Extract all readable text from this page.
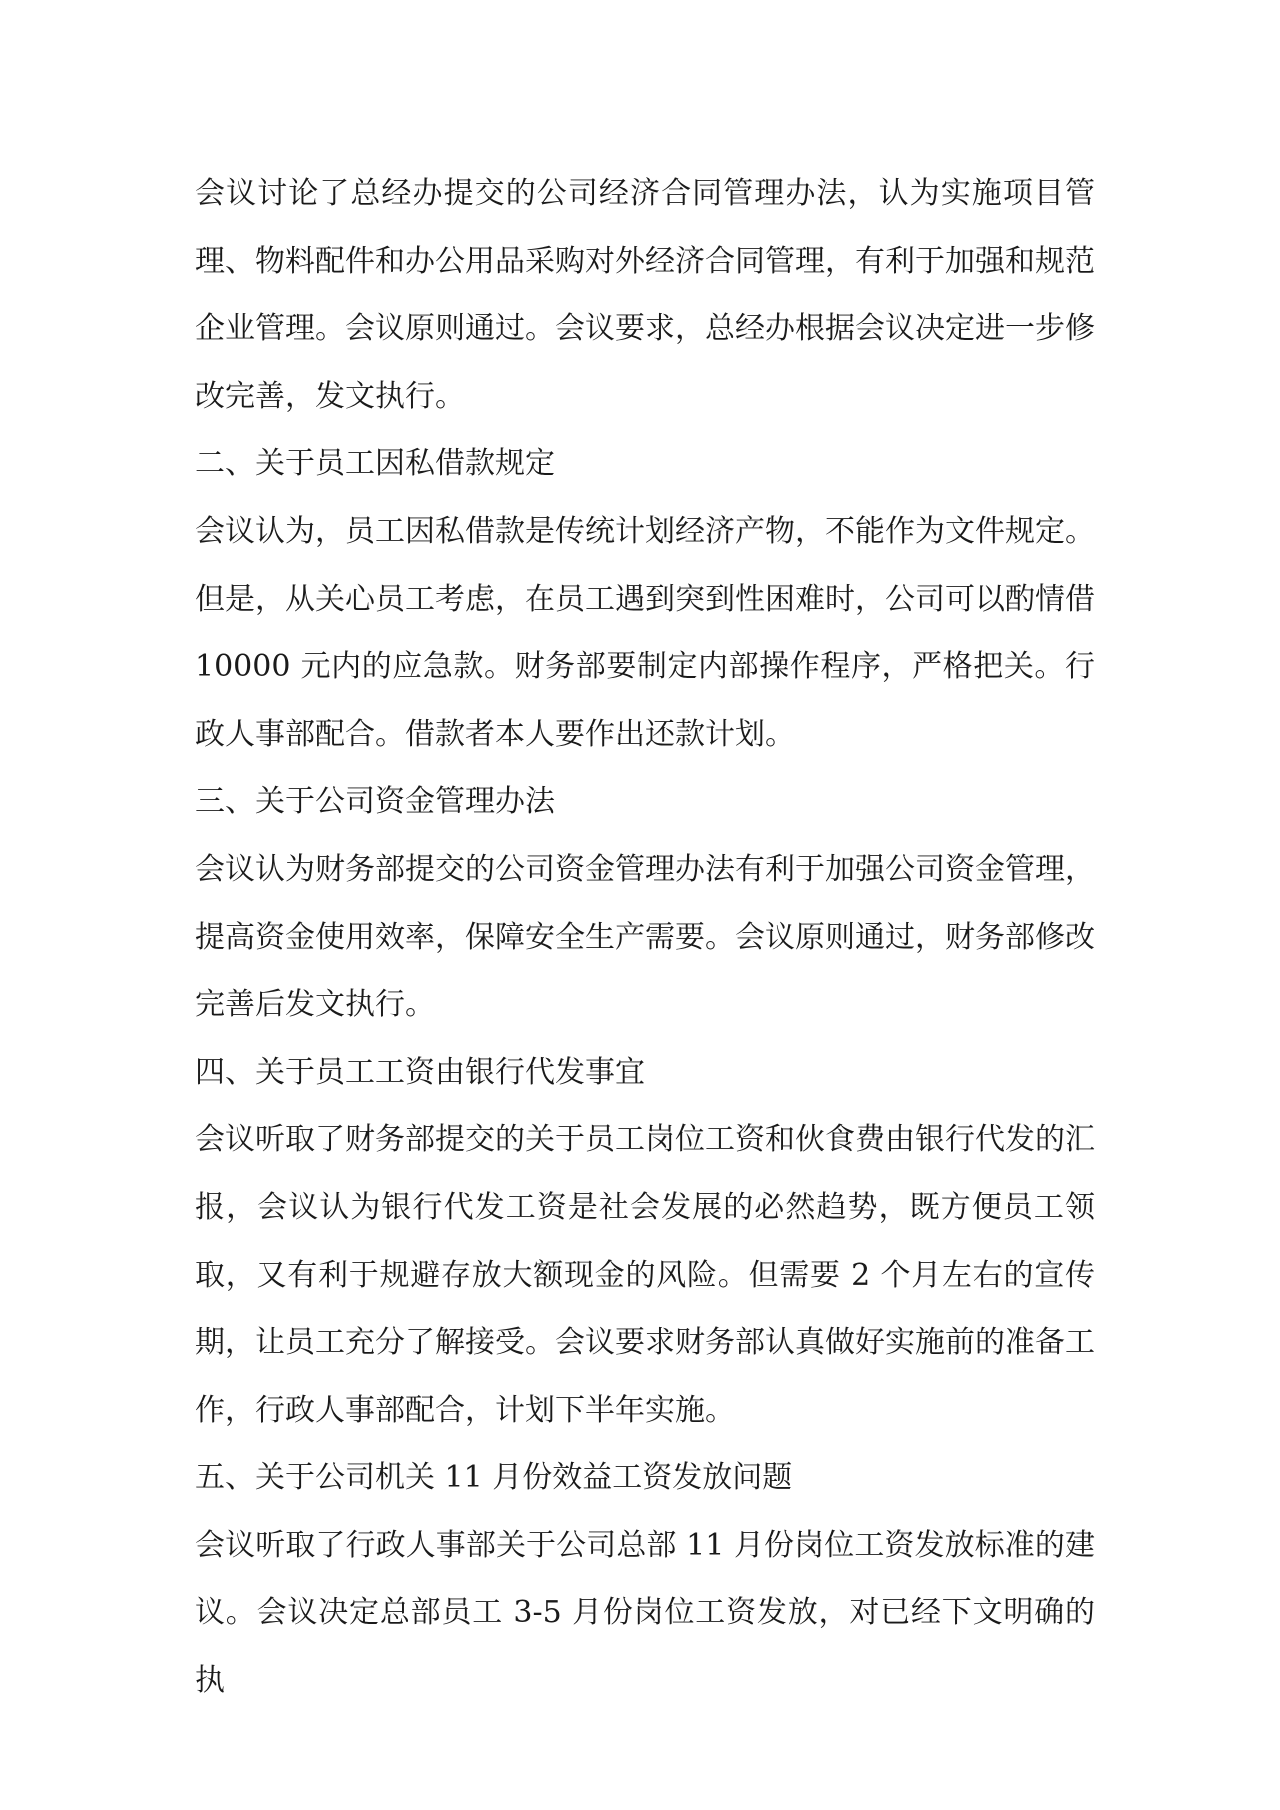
会议讨论了总经办提交的公司经济合同管理办法，认为实施项目管理、物料配件和办公用品采购对外经济合同管理，有利于加强和规范企业管理。会议原则通过。会议要求，总经办根据会议决定进一步修改完善，发文执行。

二、关于员工因私借款规定

会议认为，员工因私借款是传统计划经济产物，不能作为文件规定。但是，从关心员工考虑，在员工遇到突到性困难时，公司可以酌情借 10000 元内的应急款。财务部要制定内部操作程序，严格把关。行政人事部配合。借款者本人要作出还款计划。

三、关于公司资金管理办法

会议认为财务部提交的公司资金管理办法有利于加强公司资金管理，提高资金使用效率，保障安全生产需要。会议原则通过，财务部修改完善后发文执行。

四、关于员工工资由银行代发事宜

会议听取了财务部提交的关于员工岗位工资和伙食费由银行代发的汇报，会议认为银行代发工资是社会发展的必然趋势，既方便员工领取，又有利于规避存放大额现金的风险。但需要 2 个月左右的宣传期，让员工充分了解接受。会议要求财务部认真做好实施前的准备工作，行政人事部配合，计划下半年实施。

五、关于公司机关 11 月份效益工资发放问题

会议听取了行政人事部关于公司总部 11 月份岗位工资发放标准的建议。会议决定总部员工 3-5 月份岗位工资发放，对已经下文明确的执
